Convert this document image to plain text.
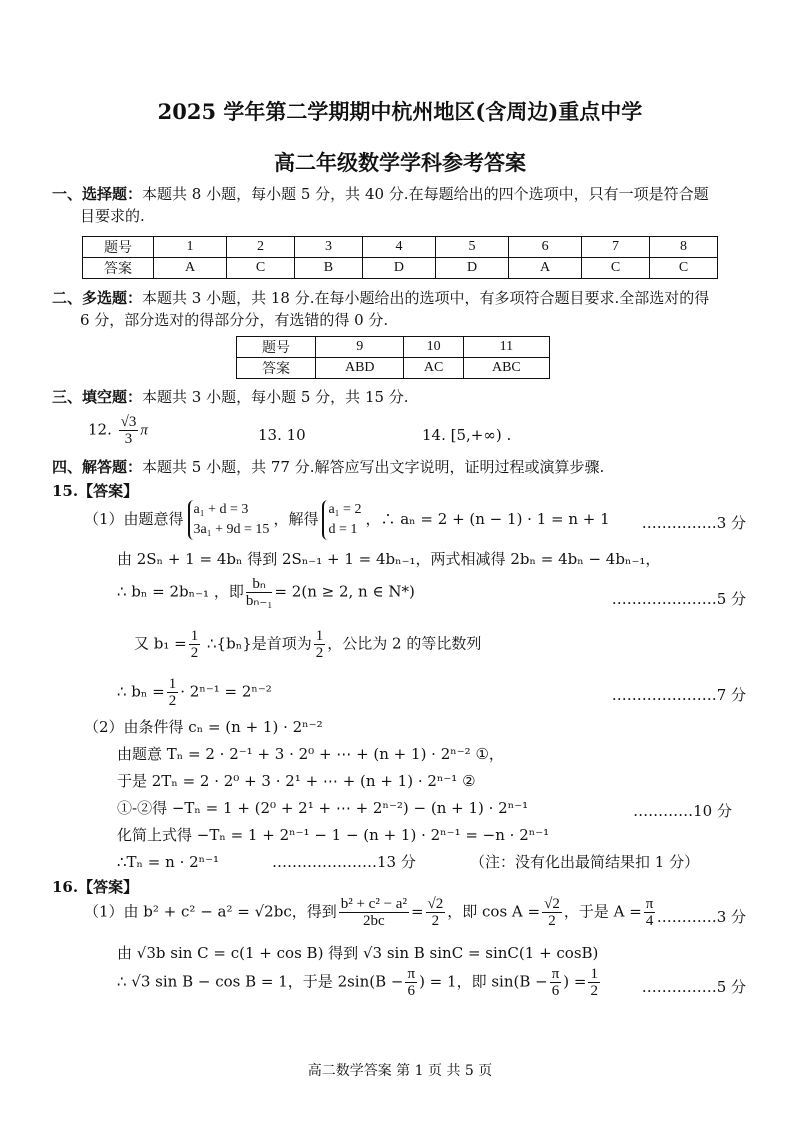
2025 学年第二学期期中杭州地区(含周边)重点中学
高二年级数学学科参考答案
一、选择题：本题共 8 小题，每小题 5 分，共 40 分.在每题给出的四个选项中，只有一项是符合题
目要求的.
题号	1	2	3	4	5	6	7	8
答案	A	C	B	D	D	A	C	C
二、多选题：本题共 3 小题，共 18 分.在每小题给出的选项中，有多项符合题目要求.全部选对的得
6 分，部分选对的得部分分，有选错的得 0 分.
题号	9	10	11
答案	ABD	AC	ABC
三、填空题：本题共 3 小题，每小题 5 分，共 15 分.
12. $\frac{√3}{3}$ π	13. 10	14. [5,+∞) .
四、解答题：本题共 5 小题，共 77 分.解答应写出文字说明，证明过程或演算步骤.
15.【答案】
（1）由题意得a₁ + d = 3
3a₁ + 9d = 15，解得a₁ = 2
d = 1，∴ aₙ = 2 + (n − 1) · 1 = n + 1 ……………3 分
由 2Sₙ + 1 = 4bₙ 得到 2Sₙ₋₁ + 1 = 4bₙ₋₁，两式相减得 2bₙ = 4bₙ − 4bₙ₋₁，
∴ bₙ = 2bₙ₋₁ ，即 $\frac{\text{bₙ}}{\text{bₙ₋₁}} = 2(n \ge 2$, n ∈ N*)	…………………5 分
又 $b_1 = \frac{1}{2}$ ∴{bₙ}是首项为 $\frac{1}{2}$ ，公比为 2 的等比数列
∴ $b_n = \frac{1}{2} \cdot 2^{n-1} = 2^{n-2}$	…………………7 分
（2）由条件得 cₙ = (n + 1) · 2ⁿ⁻²
由题意 Tₙ = 2 · 2⁻¹ + 3 · 2⁰ + ⋯ + (n + 1) · 2ⁿ⁻² ①，
于是 2Tₙ = 2 · 2⁰ + 3 · 2¹ + ⋯ + (n + 1) · 2ⁿ⁻¹ ②
①-②得 −Tₙ = 1 + (2⁰ + 2¹ + ⋯ + 2ⁿ⁻²) − (n + 1) · 2ⁿ⁻¹	…………10 分
化简上式得 −Tₙ = 1 + 2ⁿ⁻¹ − 1 − (n + 1) · 2ⁿ⁻¹ = −n · 2ⁿ⁻¹
∴Tₙ = n · 2ⁿ⁻¹	…………………13 分	（注：没有化出最简结果扣 1 分）
16.【答案】
（1）由 b² + c² − a² = √2bc，得到 $\frac{\text{b² + c² − a²}}{2bc} = \frac{√2}{2}$ ，即 $\cos A = \frac{√2}{2}$ ，于是 $A = \frac{\pi}{4}$ …………3 分
由 √3b sin C = c(1 + cos B) 得到 √3 sin B sinC = sinC(1 + cosB)
∴ √3 sin B − cos B = 1，于是 $2\sin(B - \frac{\pi}{6}$ ) = 1，即 $\sin(B - \frac{\pi}{6}$ ) = $\frac{1}{2}$	……………5 分
高二数学答案 第 1 页 共 5 页
